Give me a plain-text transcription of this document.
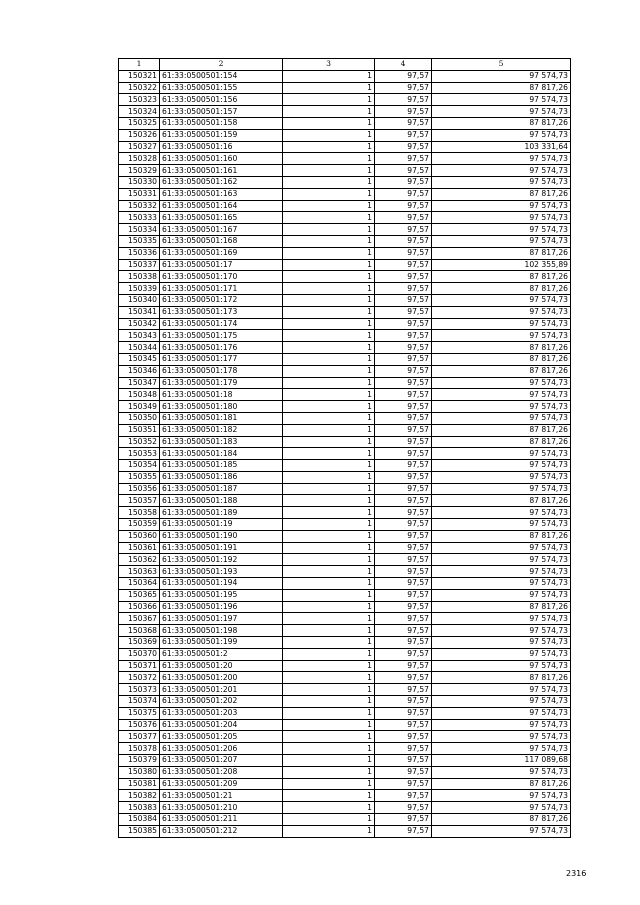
1	2	3	4	5
150321	61:33:0500501:154	1	97,57	97 574,73
150322	61:33:0500501:155	1	97,57	87 817,26
150323	61:33:0500501:156	1	97,57	97 574,73
150324	61:33:0500501:157	1	97,57	97 574,73
150325	61:33:0500501:158	1	97,57	87 817,26
150326	61:33:0500501:159	1	97,57	97 574,73
150327	61:33:0500501:16	1	97,57	103 331,64
150328	61:33:0500501:160	1	97,57	97 574,73
150329	61:33:0500501:161	1	97,57	97 574,73
150330	61:33:0500501:162	1	97,57	97 574,73
150331	61:33:0500501:163	1	97,57	87 817,26
150332	61:33:0500501:164	1	97,57	97 574,73
150333	61:33:0500501:165	1	97,57	97 574,73
150334	61:33:0500501:167	1	97,57	97 574,73
150335	61:33:0500501:168	1	97,57	97 574,73
150336	61:33:0500501:169	1	97,57	87 817,26
150337	61:33:0500501:17	1	97,57	102 355,89
150338	61:33:0500501:170	1	97,57	87 817,26
150339	61:33:0500501:171	1	97,57	87 817,26
150340	61:33:0500501:172	1	97,57	97 574,73
150341	61:33:0500501:173	1	97,57	97 574,73
150342	61:33:0500501:174	1	97,57	97 574,73
150343	61:33:0500501:175	1	97,57	97 574,73
150344	61:33:0500501:176	1	97,57	87 817,26
150345	61:33:0500501:177	1	97,57	87 817,26
150346	61:33:0500501:178	1	97,57	87 817,26
150347	61:33:0500501:179	1	97,57	97 574,73
150348	61:33:0500501:18	1	97,57	97 574,73
150349	61:33:0500501:180	1	97,57	97 574,73
150350	61:33:0500501:181	1	97,57	97 574,73
150351	61:33:0500501:182	1	97,57	87 817,26
150352	61:33:0500501:183	1	97,57	87 817,26
150353	61:33:0500501:184	1	97,57	97 574,73
150354	61:33:0500501:185	1	97,57	97 574,73
150355	61:33:0500501:186	1	97,57	97 574,73
150356	61:33:0500501:187	1	97,57	97 574,73
150357	61:33:0500501:188	1	97,57	87 817,26
150358	61:33:0500501:189	1	97,57	97 574,73
150359	61:33:0500501:19	1	97,57	97 574,73
150360	61:33:0500501:190	1	97,57	87 817,26
150361	61:33:0500501:191	1	97,57	97 574,73
150362	61:33:0500501:192	1	97,57	97 574,73
150363	61:33:0500501:193	1	97,57	97 574,73
150364	61:33:0500501:194	1	97,57	97 574,73
150365	61:33:0500501:195	1	97,57	97 574,73
150366	61:33:0500501:196	1	97,57	87 817,26
150367	61:33:0500501:197	1	97,57	97 574,73
150368	61:33:0500501:198	1	97,57	97 574,73
150369	61:33:0500501:199	1	97,57	97 574,73
150370	61:33:0500501:2	1	97,57	97 574,73
150371	61:33:0500501:20	1	97,57	97 574,73
150372	61:33:0500501:200	1	97,57	87 817,26
150373	61:33:0500501:201	1	97,57	97 574,73
150374	61:33:0500501:202	1	97,57	97 574,73
150375	61:33:0500501:203	1	97,57	97 574,73
150376	61:33:0500501:204	1	97,57	97 574,73
150377	61:33:0500501:205	1	97,57	97 574,73
150378	61:33:0500501:206	1	97,57	97 574,73
150379	61:33:0500501:207	1	97,57	117 089,68
150380	61:33:0500501:208	1	97,57	97 574,73
150381	61:33:0500501:209	1	97,57	87 817,26
150382	61:33:0500501:21	1	97,57	97 574,73
150383	61:33:0500501:210	1	97,57	97 574,73
150384	61:33:0500501:211	1	97,57	87 817,26
150385	61:33:0500501:212	1	97,57	97 574,73
2316
